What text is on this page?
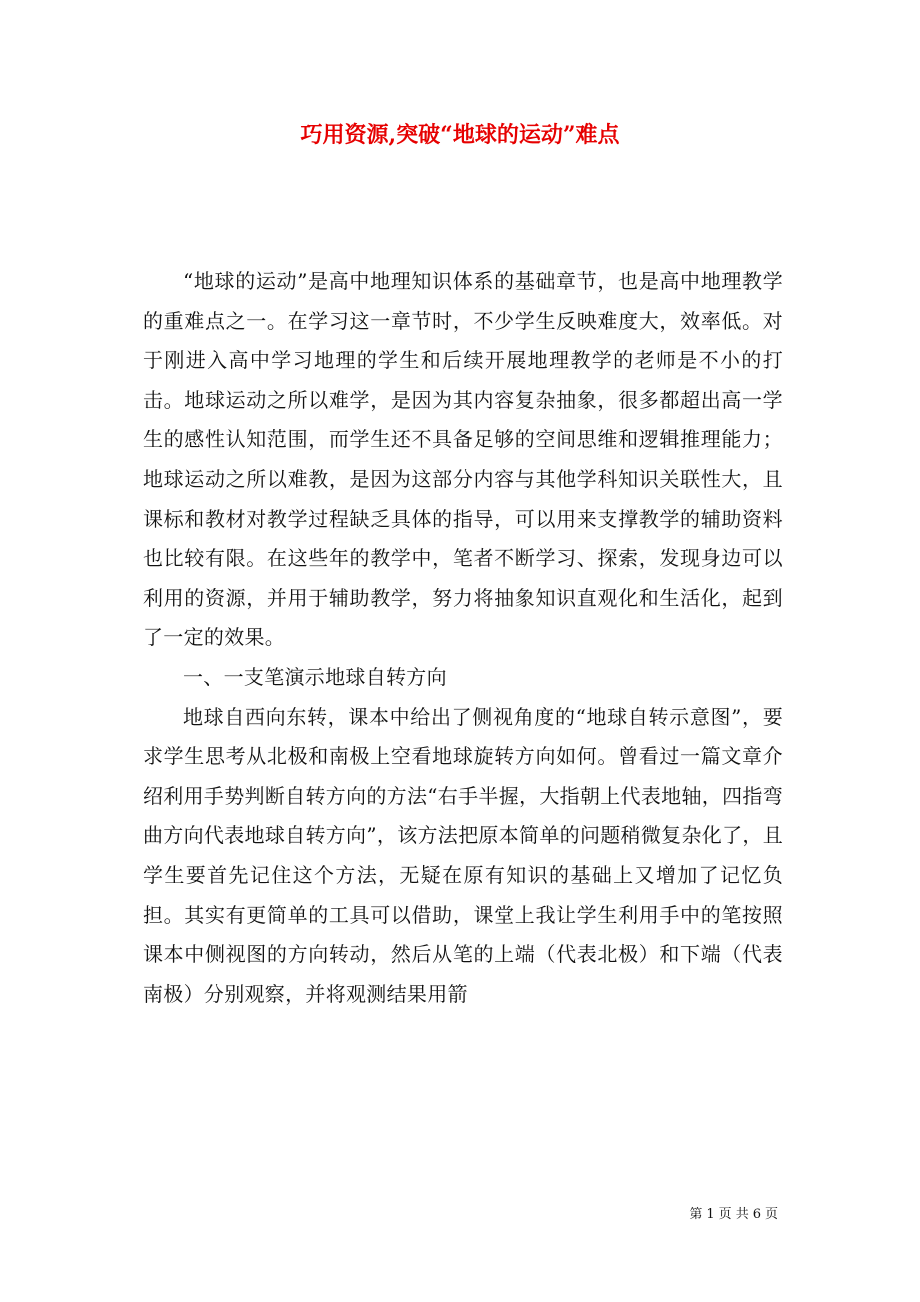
巧用资源,突破“地球的运动”难点

“地球的运动”是高中地理知识体系的基础章节，也是高中地理教学的重难点之一。在学习这一章节时，不少学生反映难度大，效率低。对于刚进入高中学习地理的学生和后续开展地理教学的老师是不小的打击。地球运动之所以难学，是因为其内容复杂抽象，很多都超出高一学生的感性认知范围，而学生还不具备足够的空间思维和逻辑推理能力；地球运动之所以难教，是因为这部分内容与其他学科知识关联性大，且课标和教材对教学过程缺乏具体的指导，可以用来支撑教学的辅助资料也比较有限。在这些年的教学中，笔者不断学习、探索，发现身边可以利用的资源，并用于辅助教学，努力将抽象知识直观化和生活化，起到了一定的效果。

一、一支笔演示地球自转方向

地球自西向东转，课本中给出了侧视角度的“地球自转示意图”，要求学生思考从北极和南极上空看地球旋转方向如何。曾看过一篇文章介绍利用手势判断自转方向的方法“右手半握，大指朝上代表地轴，四指弯曲方向代表地球自转方向”，该方法把原本简单的问题稍微复杂化了，且学生要首先记住这个方法，无疑在原有知识的基础上又增加了记忆负担。其实有更简单的工具可以借助，课堂上我让学生利用手中的笔按照课本中侧视图的方向转动，然后从笔的上端（代表北极）和下端（代表南极）分别观察，并将观测结果用箭

第 1 页 共 6 页
